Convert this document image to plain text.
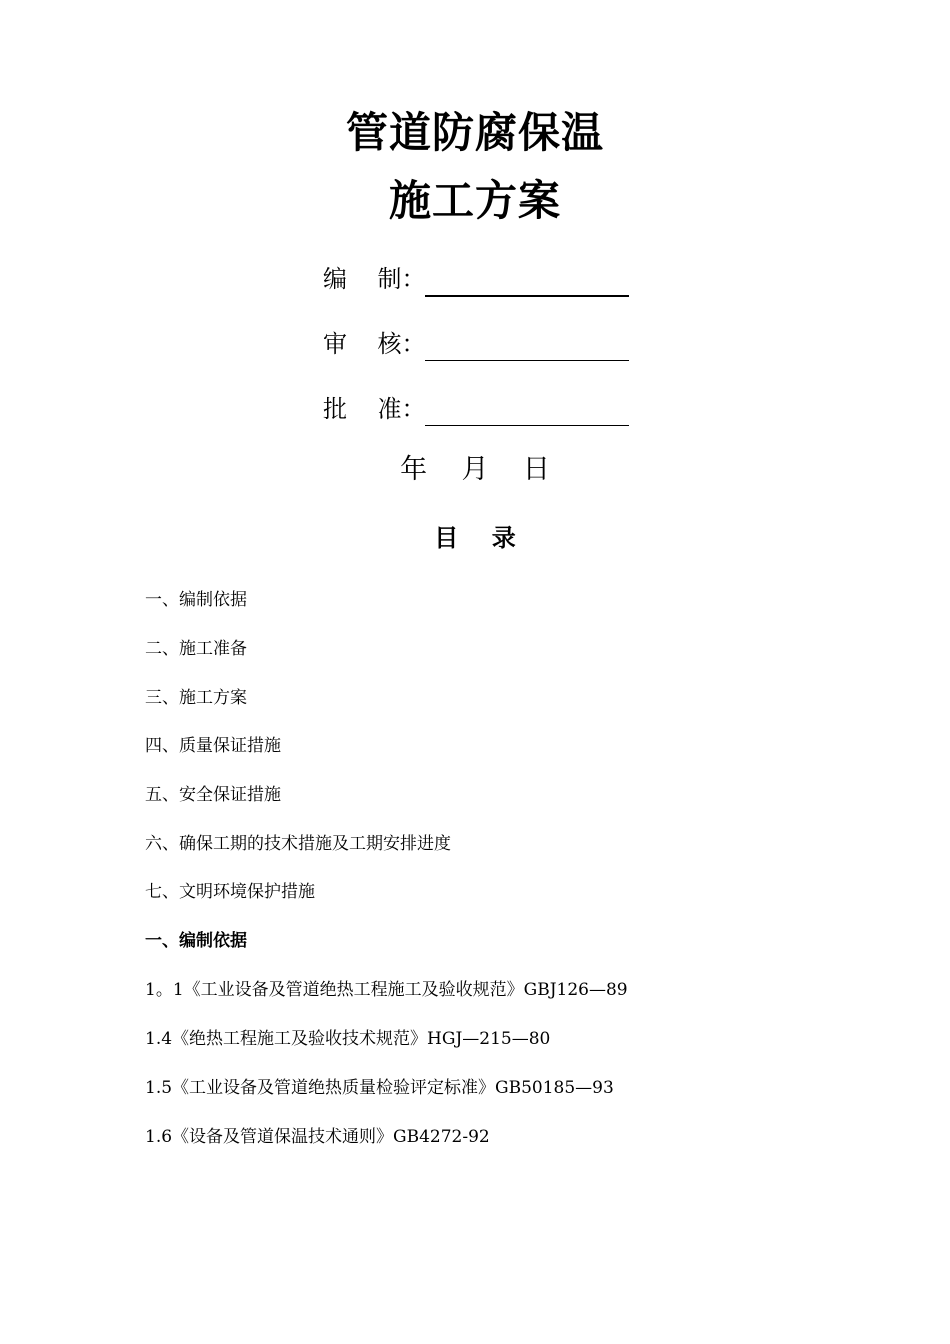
管道防腐保温
施工方案
编    制：
审    核：
批    准：
年    月    日
目    录
一、编制依据
二、施工准备
三、施工方案
四、质量保证措施
五、安全保证措施
六、确保工期的技术措施及工期安排进度
七、文明环境保护措施
一、编制依据
1。1《工业设备及管道绝热工程施工及验收规范》GBJ126—89
1.4《绝热工程施工及验收技术规范》HGJ—215—80
1.5《工业设备及管道绝热质量检验评定标准》GB50185—93
1.6《设备及管道保温技术通则》GB4272-92
